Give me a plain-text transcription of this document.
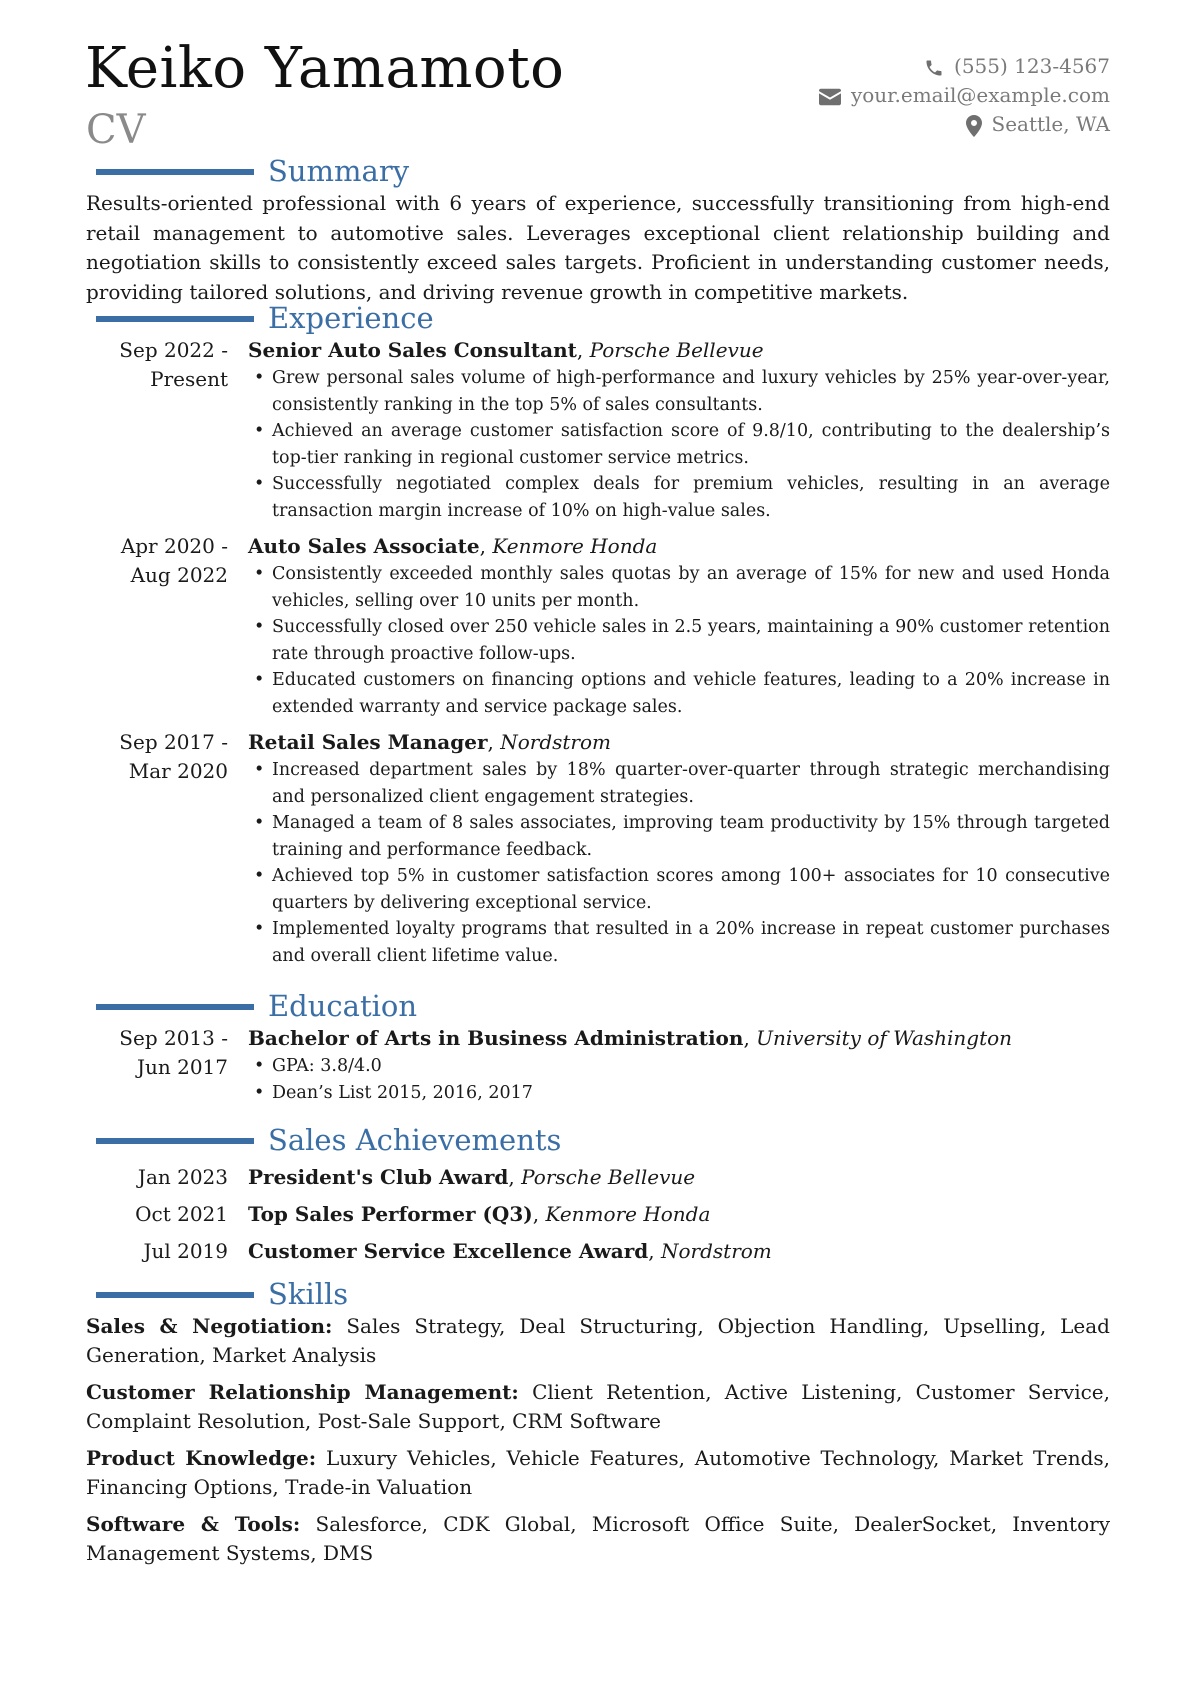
Keiko Yamamoto
CV
(555) 123-4567
your.email@example.com
Seattle, WA
Summary

Results-oriented professional with 6 years of experience, successfully transitioning from high-end retail management to automotive sales. Leverages exceptional client relationship building and negotiation skills to consistently exceed sales targets. Proficient in understanding customer needs, providing tailored solutions, and driving revenue growth in competitive markets.

Experience
Sep 2022 - Present
Senior Auto Sales Consultant, Porsche Bellevue
• Grew personal sales volume of high-performance and luxury vehicles by 25% year-over-year, consistently ranking in the top 5% of sales consultants.
• Achieved an average customer satisfaction score of 9.8/10, contributing to the dealership’s top-tier ranking in regional customer service metrics.
• Successfully negotiated complex deals for premium vehicles, resulting in an average transaction margin increase of 10% on high-value sales.
Apr 2020 - Aug 2022
Auto Sales Associate, Kenmore Honda
• Consistently exceeded monthly sales quotas by an average of 15% for new and used Honda vehicles, selling over 10 units per month.
• Successfully closed over 250 vehicle sales in 2.5 years, maintaining a 90% customer retention rate through proactive follow-ups.
• Educated customers on financing options and vehicle features, leading to a 20% increase in extended warranty and service package sales.
Sep 2017 - Mar 2020
Retail Sales Manager, Nordstrom
• Increased department sales by 18% quarter-over-quarter through strategic merchandising and personalized client engagement strategies.
• Managed a team of 8 sales associates, improving team productivity by 15% through targeted training and performance feedback.
• Achieved top 5% in customer satisfaction scores among 100+ associates for 10 consecutive quarters by delivering exceptional service.
• Implemented loyalty programs that resulted in a 20% increase in repeat customer purchases and overall client lifetime value.
Education
Sep 2013 - Jun 2017
Bachelor of Arts in Business Administration, University of Washington
• GPA: 3.8/4.0
• Dean’s List 2015, 2016, 2017
Sales Achievements
Jan 2023	President's Club Award, Porsche Bellevue
Oct 2021	Top Sales Performer (Q3), Kenmore Honda
Jul 2019	Customer Service Excellence Award, Nordstrom
Skills

Sales & Negotiation: Sales Strategy, Deal Structuring, Objection Handling, Upselling, Lead Generation, Market Analysis

Customer Relationship Management: Client Retention, Active Listening, Customer Service, Complaint Resolution, Post-Sale Support, CRM Software

Product Knowledge: Luxury Vehicles, Vehicle Features, Automotive Technology, Market Trends, Financing Options, Trade-in Valuation

Software & Tools: Salesforce, CDK Global, Microsoft Office Suite, DealerSocket, Inventory Management Systems, DMS
